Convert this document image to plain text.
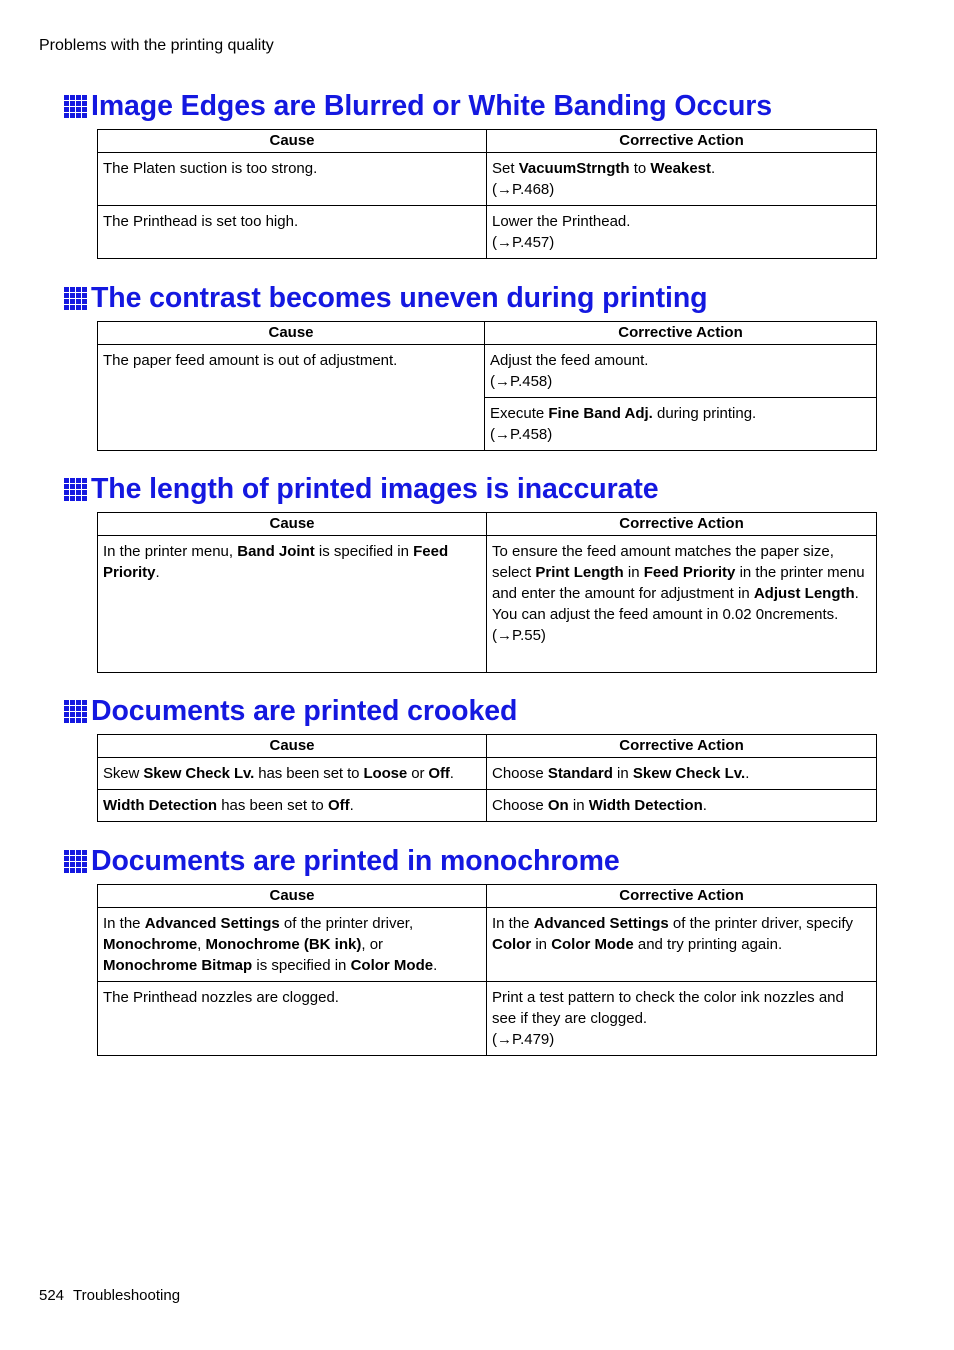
Problems with the printing quality
Image Edges are Blurred or White Banding Occurs
Cause	Corrective Action
The Platen suction is too strong.	Set VacuumStrngth to Weakest.
(→P.468)

The Printhead is set too high.	Lower the Printhead.
(→P.457)
The contrast becomes uneven during printing
Cause	Corrective Action
The paper feed amount is out of adjustment.	Adjust the feed amount.
(→P.458)

	Execute Fine Band Adj. during printing.
(→P.458)
The length of printed images is inaccurate
Cause	Corrective Action
In the printer menu, Band Joint is specified in Feed Priority.	To ensure the feed amount matches the paper size, select Print Length in Feed Priority in the printer menu and enter the amount for adjustment in Adjust Length. You can adjust the feed amount in 0.02 0ncrements.
(→P.55)
Documents are printed crooked
Cause	Corrective Action
Skew Skew Check Lv. has been set to Loose or Off.	Choose Standard in Skew Check Lv..
Width Detection has been set to Off.	Choose On in Width Detection.
Documents are printed in monochrome
Cause	Corrective Action

In the Advanced Settings of the printer driver,
Monochrome, Monochrome (BK ink), or
Monochrome Bitmap is specified in Color Mode.	In the Advanced Settings of the printer driver, specify Color in Color Mode and try printing again.
The Printhead nozzles are clogged.	Print a test pattern to check the color ink nozzles and see if they are clogged.
(→P.479)
524 Troubleshooting
